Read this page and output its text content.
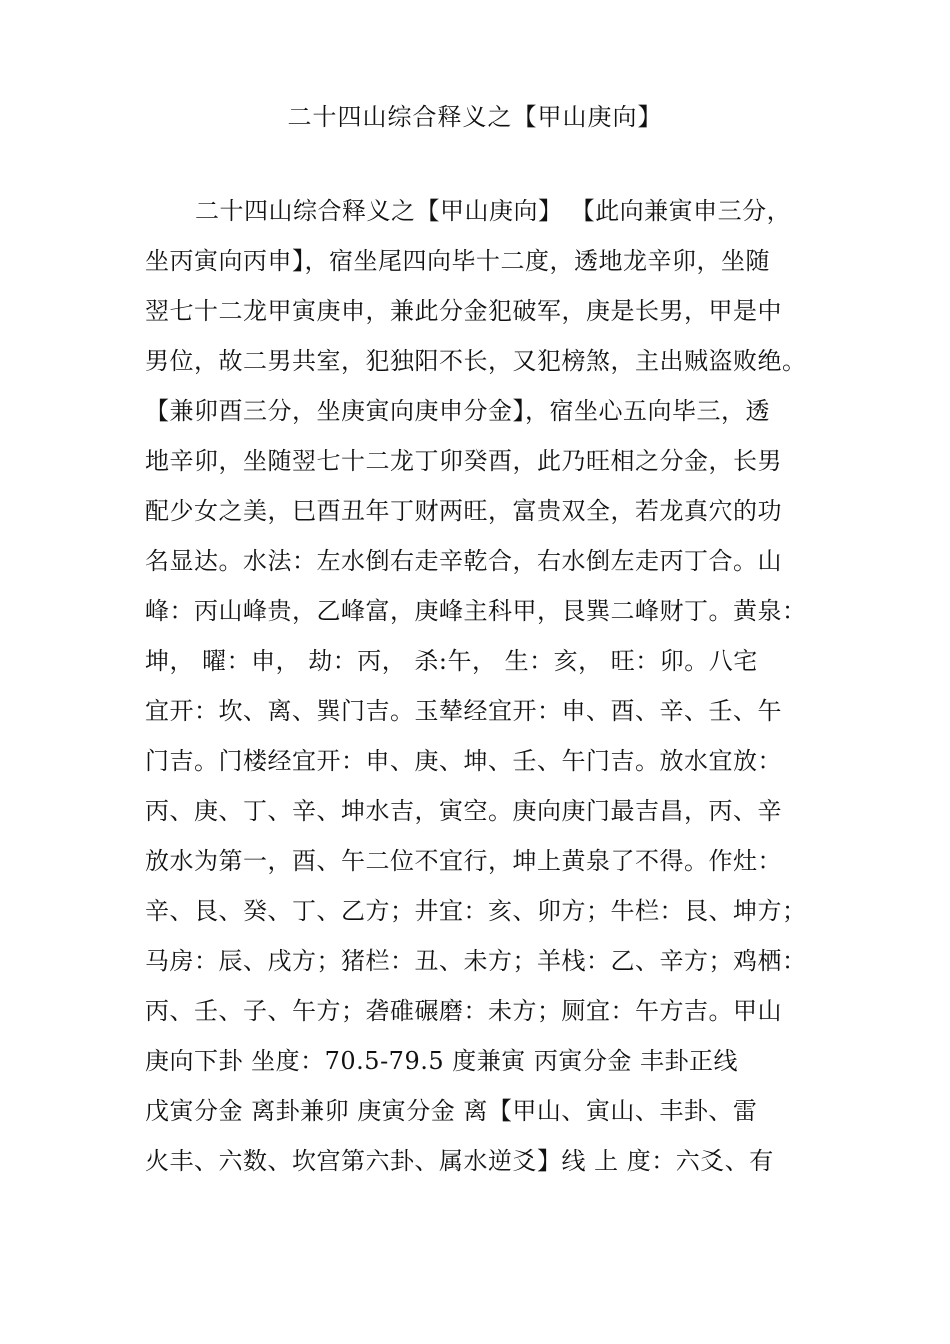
二十四山综合释义之【甲山庚向】
二十四山综合释义之【甲山庚向】 【此向兼寅申三分，
坐丙寅向丙申】，宿坐尾四向毕十二度，透地龙辛卯，坐随
翌七十二龙甲寅庚申，兼此分金犯破军，庚是长男，甲是中
男位，故二男共室，犯独阳不长，又犯榜煞，主出贼盗败绝。
【兼卯酉三分，坐庚寅向庚申分金】，宿坐心五向毕三，透
地辛卯，坐随翌七十二龙丁卯癸酉，此乃旺相之分金，长男
配少女之美，巳酉丑年丁财两旺，富贵双全，若龙真穴的功
名显达。水法：左水倒右走辛乾合，右水倒左走丙丁合。山
峰：丙山峰贵，乙峰富，庚峰主科甲，艮巽二峰财丁。黄泉：
坤， 曜：申， 劫：丙， 杀:午， 生：亥， 旺：卯。八宅
宜开：坎、离、巽门吉。玉辇经宜开：申、酉、辛、壬、午
门吉。门楼经宜开：申、庚、坤、壬、午门吉。放水宜放：
丙、庚、丁、辛、坤水吉，寅空。庚向庚门最吉昌，丙、辛
放水为第一，酉、午二位不宜行，坤上黄泉了不得。作灶：
辛、艮、癸、丁、乙方；井宜：亥、卯方；牛栏：艮、坤方；
马房：辰、戌方；猪栏：丑、未方；羊栈：乙、辛方；鸡栖：
丙、壬、子、午方；砻碓碾磨：未方；厕宜：午方吉。甲山
庚向下卦 坐度：70.5-79.5 度兼寅 丙寅分金 丰卦正线
戊寅分金 离卦兼卯 庚寅分金 离【甲山、寅山、丰卦、雷
火丰、六数、坎宫第六卦、属水逆爻】线 上 度：六爻、有
